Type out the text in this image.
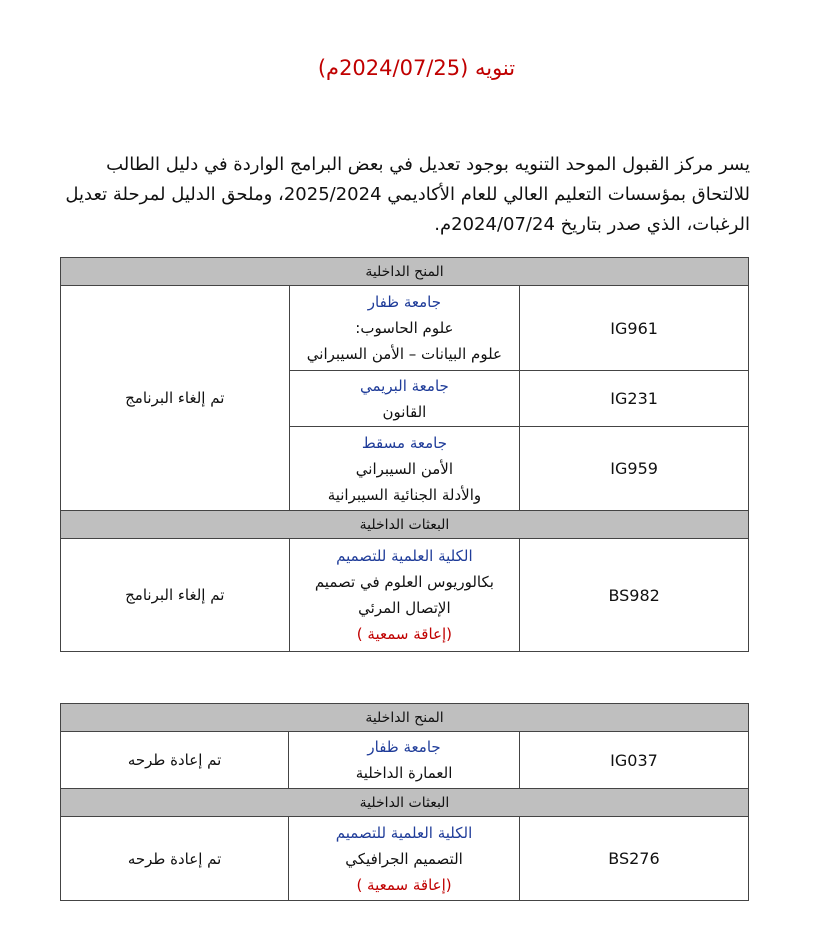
تنويه (2024/07/25م)
يسر مركز القبول الموحد التنويه بوجود تعديل في بعض البرامج الواردة في دليل الطالب للالتحاق بمؤسسات التعليم العالي للعام الأكاديمي 2025/2024، وملحق الدليل لمرحلة تعديل الرغبات، الذي صدر بتاريخ 2024/07/24م.
المنح الداخلية		
IG961	جامعة ظفار
علوم الحاسوب:
علوم البيانات – الأمن السيبراني	تم إلغاء البرنامج
IG231	جامعة البريمي
القانون	

IG959	جامعة مسقط
الأمن السيبراني
والأدلة الجنائية السيبرانية	

البعثات الداخلية		
BS982	الكلية العلمية للتصميم
بكالوريوس العلوم في تصميم
الإتصال المرئي
(إعاقة سمعية )	تم إلغاء البرنامج
المنح الداخلية		
IG037	جامعة ظفار
العمارة الداخلية	تم إعادة طرحه
البعثات الداخلية		
BS276	الكلية العلمية للتصميم
التصميم الجرافيكي
(إعاقة سمعية )	تم إعادة طرحه
